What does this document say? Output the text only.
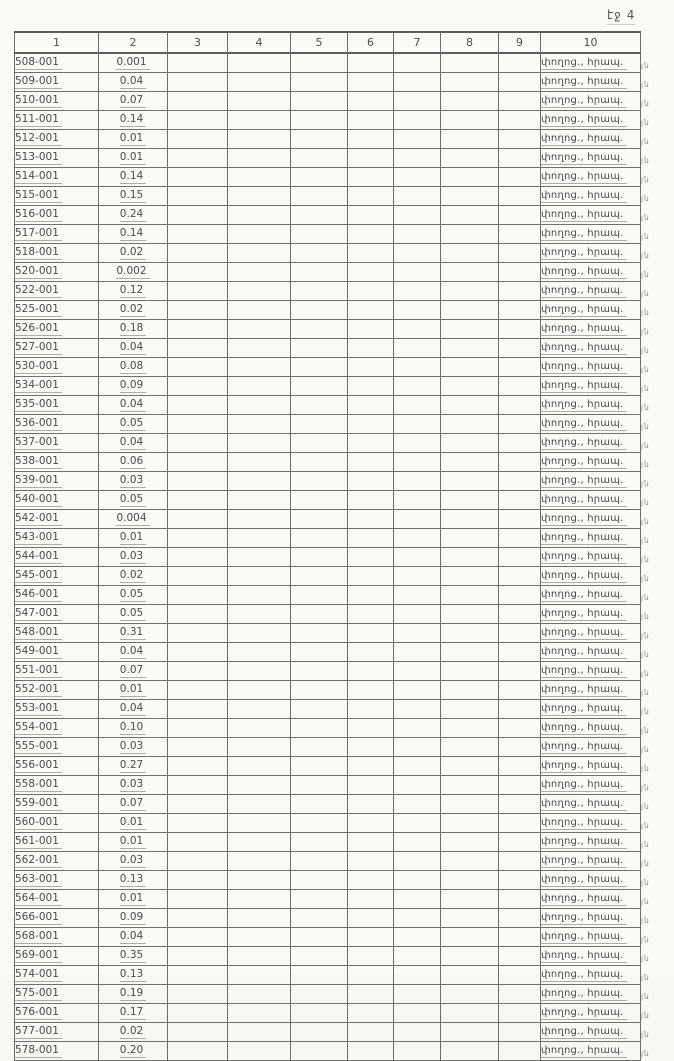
էջ 4
1	2	3	4	5	6	7	8	9	10	
508-001	0.001								փողոց., հրապ.	յն
509-001	0.04								փողոց., հրապ.	յն
510-001	0.07								փողոց., հրապ.	յն
511-001	0.14								փողոց., հրապ.	յն
512-001	0.01								փողոց., հրապ.	յն
513-001	0.01								փողոց., հրապ.	յն
514-001	0.14								փողոց., հրապ.	յն
515-001	0.15								փողոց., հրապ.	յն
516-001	0.24								փողոց., հրապ.	յն
517-001	0.14								փողոց., հրապ.	յն
518-001	0.02								փողոց., հրապ.	յն
520-001	0.002								փողոց., հրապ.	յն
522-001	0.12								փողոց., հրապ.	յն
525-001	0.02								փողոց., հրապ.	յն
526-001	0.18								փողոց., հրապ.	յն
527-001	0.04								փողոց., հրապ.	յն
530-001	0.08								փողոց., հրապ.	յն
534-001	0.09								փողոց., հրապ.	յն
535-001	0.04								փողոց., հրապ.	յն
536-001	0.05								փողոց., հրապ.	յն
537-001	0.04								փողոց., հրապ.	յն
538-001	0.06								փողոց., հրապ.	յն
539-001	0.03								փողոց., հրապ.	յն
540-001	0.05								փողոց., հրապ.	յն
542-001	0.004								փողոց., հրապ.	յն
543-001	0.01								փողոց., հրապ.	յն
544-001	0.03								փողոց., հրապ.	յն
545-001	0.02								փողոց., հրապ.	յն
546-001	0.05								փողոց., հրապ.	յն
547-001	0.05								փողոց., հրապ.	յն
548-001	0.31								փողոց., հրապ.	յն
549-001	0.04								փողոց., հրապ.	յն
551-001	0.07								փողոց., հրապ.	յն
552-001	0.01								փողոց., հրապ.	յն
553-001	0.04								փողոց., հրապ.	յն
554-001	0.10								փողոց., հրապ.	յն
555-001	0.03								փողոց., հրապ.	յն
556-001	0.27								փողոց., հրապ.	յն
558-001	0.03								փողոց., հրապ.	յն
559-001	0.07								փողոց., հրապ.	յն
560-001	0.01								փողոց., հրապ.	յն
561-001	0.01								փողոց., հրապ.	յն
562-001	0.03								փողոց., հրապ.	յն
563-001	0.13								փողոց., հրապ.	յն
564-001	0.01								փողոց., հրապ.	յն
566-001	0.09								փողոց., հրապ.	յն
568-001	0.04								փողոց., հրապ.	յն
569-001	0.35								փողոց., հրապ.	յն
574-001	0.13								փողոց., հրապ.	յն
575-001	0.19								փողոց., հրապ.	յն
576-001	0.17								փողոց., հրապ.	յն
577-001	0.02								փողոց., հրապ.	յն
578-001	0.20								փողոց., հրապ.	յն
